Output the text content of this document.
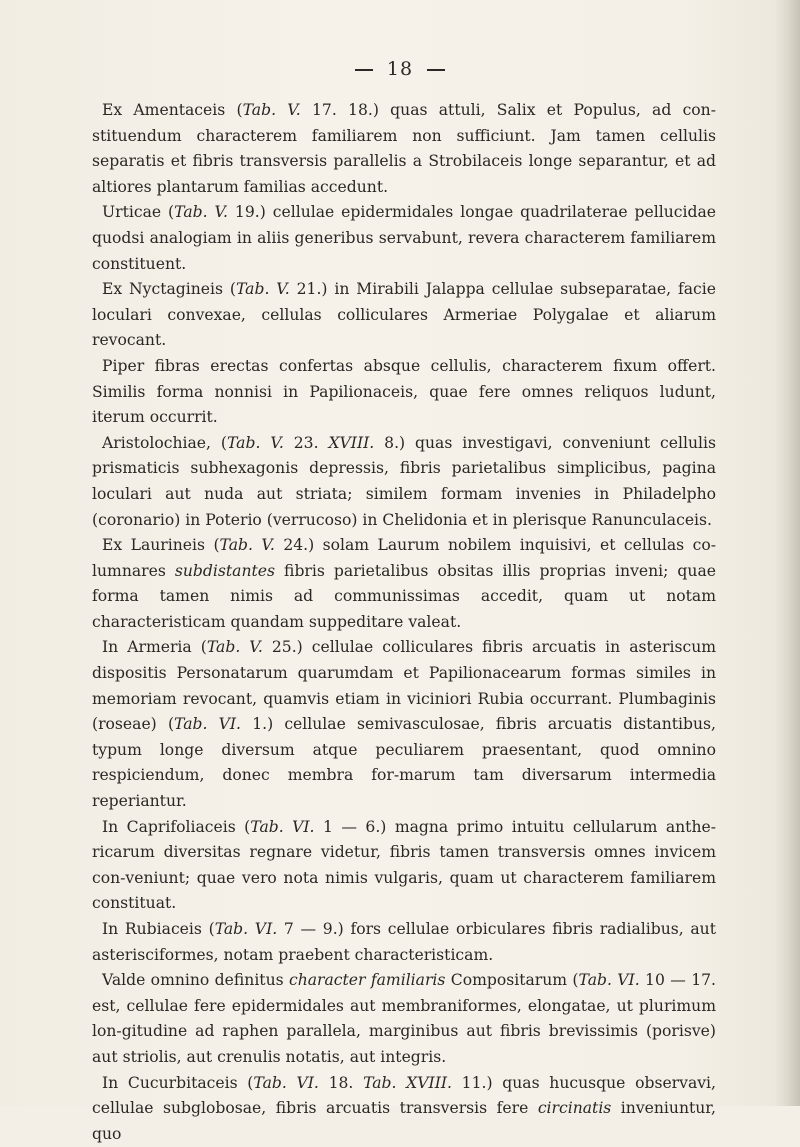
18

Ex Amentaceis (Tab. V. 17. 18.) quas attuli, Salix et Populus, ad con-stituendum characterem familiarem non sufficiunt. Jam tamen cellulis separatis et fibris transversis parallelis a Strobilaceis longe separantur, et ad altiores plantarum familias accedunt.

Urticae (Tab. V. 19.) cellulae epidermidales longae quadrilaterae pellucidae quodsi analogiam in aliis generibus servabunt, revera characterem familiarem constituent.

Ex Nyctagineis (Tab. V. 21.) in Mirabili Jalappa cellulae subseparatae, facie loculari convexae, cellulas colliculares Armeriae Polygalae et aliarum revocant.

Piper fibras erectas confertas absque cellulis, characterem fixum offert. Similis forma nonnisi in Papilionaceis, quae fere omnes reliquos ludunt, iterum occurrit.

Aristolochiae, (Tab. V. 23. XVIII. 8.) quas investigavi, conveniunt cellulis prismaticis subhexagonis depressis, fibris parietalibus simplicibus, pagina loculari aut nuda aut striata; similem formam invenies in Philadelpho (coronario) in Poterio (verrucoso) in Chelidonia et in plerisque Ranunculaceis.

Ex Laurineis (Tab. V. 24.) solam Laurum nobilem inquisivi, et cellulas co-lumnares subdistantes fibris parietalibus obsitas illis proprias inveni; quae forma tamen nimis ad communissimas accedit, quam ut notam characteristicam quandam suppeditare valeat.

In Armeria (Tab. V. 25.) cellulae colliculares fibris arcuatis in asteriscum dispositis Personatarum quarumdam et Papilionacearum formas similes in memoriam revocant, quamvis etiam in viciniori Rubia occurrant. Plumbaginis (roseae) (Tab. VI. 1.) cellulae semivasculosae, fibris arcuatis distantibus, typum longe diversum atque peculiarem praesentant, quod omnino respiciendum, donec membra for-marum tam diversarum intermedia reperiantur.

In Caprifoliaceis (Tab. VI. 1 — 6.) magna primo intuitu cellularum anthe-ricarum diversitas regnare videtur, fibris tamen transversis omnes invicem con-veniunt; quae vero nota nimis vulgaris, quam ut characterem familiarem constituat.

In Rubiaceis (Tab. VI. 7 — 9.) fors cellulae orbiculares fibris radialibus, aut asterisciformes, notam praebent characteristicam.

Valde omnino definitus character familiaris Compositarum (Tab. VI. 10 — 17. est, cellulae fere epidermidales aut membraniformes, elongatae, ut plurimum lon-gitudine ad raphen parallela, marginibus aut fibris brevissimis (porisve) aut striolis, aut crenulis notatis, aut integris.

In Cucurbitaceis (Tab. VI. 18. Tab. XVIII. 11.) quas hucusque observavi, cellulae subglobosae, fibris arcuatis transversis fere circinatis inveniuntur, quo
